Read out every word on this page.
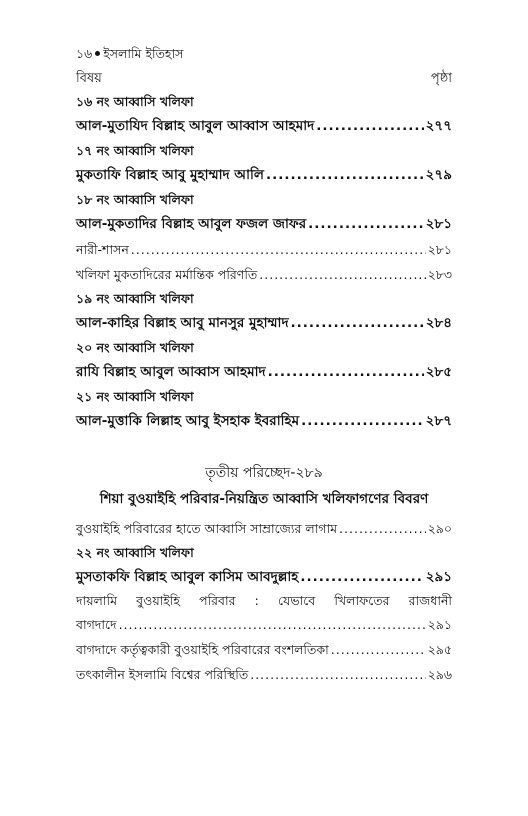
১৬ ইসলামি ইতিহাস
বিষয়	পৃষ্ঠা
১৬ নং আব্বাসি খলিফা
আল-মুতাযিদ বিল্লাহ আবুল আব্বাস আহমাদ .....	২৭৭
১৭ নং আব্বাসি খলিফা
মুকতাফি বিল্লাহ আবু মুহাম্মাদ আলি .....	২৭৯
১৮ নং আব্বাসি খলিফা
আল-মুকতাদির বিল্লাহ আবুল ফজল জাফর .....	২৮১
নারী-শাসন .....	২৮১
খলিফা মুকতাদিরের মর্মান্তিক পরিণতি .....	২৮৩
১৯ নং আব্বাসি খলিফা
আল-কাহির বিল্লাহ আবু মানসুর মুহাম্মাদ .....	২৮৪
২০ নং আব্বাসি খলিফা
রাযি বিল্লাহ আবুল আব্বাস আহমাদ .....	২৮৫
২১ নং আব্বাসি খলিফা
আল-মুত্তাকি লিল্লাহ আবু ইসহাক ইবরাহিম .....	২৮৭
তৃতীয় পরিচ্ছেদ-২৮৯
শিয়া বুওয়াইহি পরিবার-নিয়ন্ত্রিত আব্বাসি খলিফাগণের বিবরণ
বুওয়াইহি পরিবারের হাতে আব্বাসি সাম্রাজ্যের লাগাম .....	২৯০
২২ নং আব্বাসি খলিফা
মুসতাকফি বিল্লাহ আবুল কাসিম আবদুল্লাহ .....	২৯১
দায়লামি বুওয়াইহি পরিবার : যেভাবে খিলাফতের রাজধানী
বাগদাদে .....	২৯১
বাগদাদে কর্তৃত্বকারী বুওয়াইহি পরিবারের বংশলতিকা .....	২৯৫
তৎকালীন ইসলামি বিশ্বের পরিস্থিতি .....	২৯৬
